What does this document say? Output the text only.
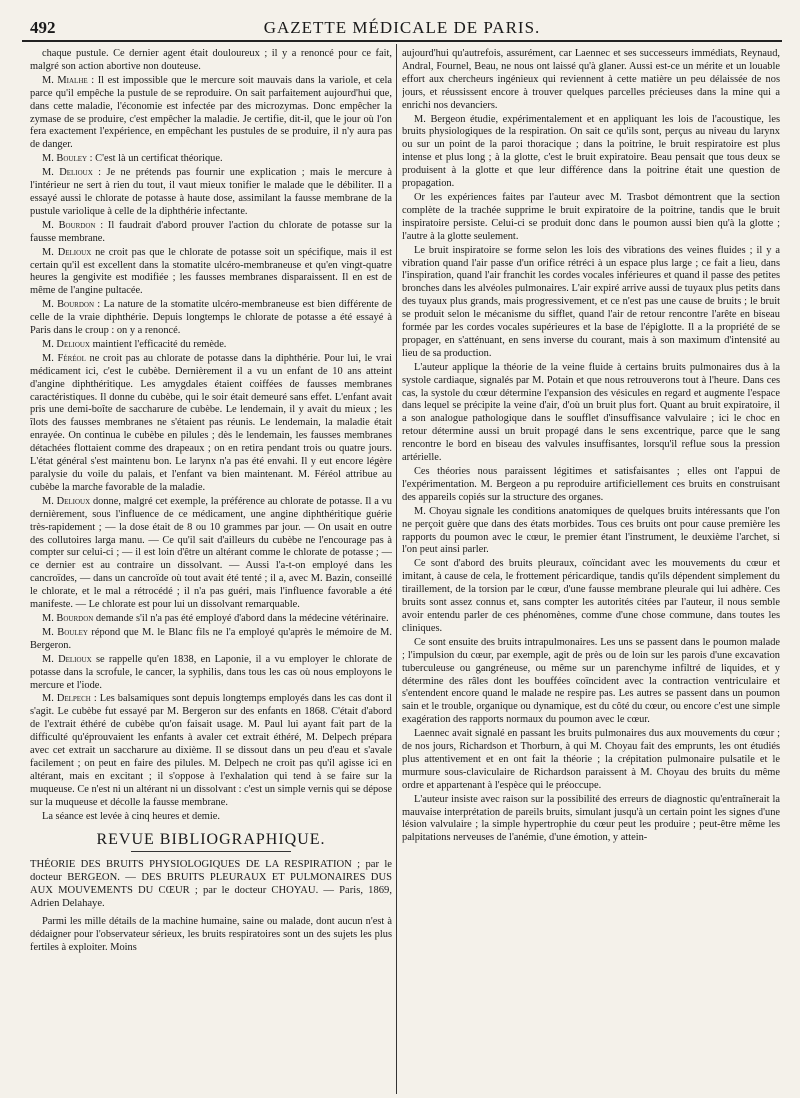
492	GAZETTE MÉDICALE DE PARIS.

chaque pustule. Ce dernier agent était douloureux ; il y a renoncé pour ce fait, malgré son action abortive non douteuse.

M. Mialhe : Il est impossible que le mercure soit mauvais dans la variole, et cela parce qu'il empêche la pustule de se reproduire. On sait parfaitement aujourd'hui que, dans cette maladie, l'économie est infectée par des microzymas. Donc empêcher la zymase de se produire, c'est empêcher la maladie. Je certifie, dit-il, que le jour où l'on fera exactement l'expérience, en empêchant les pustules de se produire, il n'y aura pas de danger.

M. Bouley : C'est là un certificat théorique.

M. Delioux : Je ne prétends pas fournir une explication ; mais le mercure à l'intérieur ne sert à rien du tout, il vaut mieux tonifier le malade que le débiliter. Il a essayé aussi le chlorate de potasse à haute dose, assimilant la fausse membrane de la pustule variolique à celle de la diphthérie infectante.

M. Bourdon : Il faudrait d'abord prouver l'action du chlorate de potasse sur la fausse membrane.

M. Delioux ne croit pas que le chlorate de potasse soit un spécifique, mais il est certain qu'il est excellent dans la stomatite ulcéro-membraneuse et qu'en vingt-quatre heures la gengivite est modifiée ; les fausses membranes disparaissent. Il en est de même de l'angine pultacée.

M. Bourdon : La nature de la stomatite ulcéro-membraneuse est bien différente de celle de la vraie diphthérie. Depuis longtemps le chlorate de potasse a été essayé à Paris dans le croup : on y a renoncé.

M. Delioux maintient l'efficacité du remède.

M. Féréol ne croit pas au chlorate de potasse dans la diphthérie. Pour lui, le vrai médicament ici, c'est le cubèbe. Dernièrement il a vu un enfant de 10 ans atteint d'angine diphthéritique. Les amygdales étaient coiffées de fausses membranes caractéristiques. Il donne du cubèbe, qui le soir était demeuré sans effet. L'enfant avait pris une demi-boîte de saccharure de cubèbe. Le lendemain, il y avait du mieux ; les îlots des fausses membranes ne s'étaient pas réunis. Le lendemain, la maladie était enrayée. On continua le cubèbe en pilules ; dès le lendemain, les fausses membranes détachées flottaient comme des drapeaux ; on en retira pendant trois ou quatre jours. L'état général s'est maintenu bon. Le larynx n'a pas été envahi. Il y eut encore légère paralysie du voile du palais, et l'enfant va bien maintenant. M. Féréol attribue au cubèbe la marche favorable de la maladie.

M. Delioux donne, malgré cet exemple, la préférence au chlorate de potasse. Il a vu dernièrement, sous l'influence de ce médicament, une angine diphthéritique guérie très-rapidement ; — la dose était de 8 ou 10 grammes par jour. — On usait en outre des collutoires larga manu. — Ce qu'il sait d'ailleurs du cubèbe ne l'encourage pas à compter sur celui-ci ; — il est loin d'être un altérant comme le chlorate de potasse ; — ce dernier est au contraire un dissolvant. — Aussi l'a-t-on employé dans les cancroïdes, — dans un cancroïde où tout avait été tenté ; il a, avec M. Bazin, conseillé le chlorate, et le mal a rétrocédé ; il n'a pas guéri, mais l'influence favorable a été manifeste. — Le chlorate est pour lui un dissolvant remarquable.

M. Bourdon demande s'il n'a pas été employé d'abord dans la médecine vétérinaire.

M. Bouley répond que M. le Blanc fils ne l'a employé qu'après le mémoire de M. Bergeron.

M. Delioux se rappelle qu'en 1838, en Laponie, il a vu employer le chlorate de potasse dans la scrofule, le cancer, la syphilis, dans tous les cas où nous employons le mercure et l'iode.

M. Delpech : Les balsamiques sont depuis longtemps employés dans les cas dont il s'agit. Le cubèbe fut essayé par M. Bergeron sur des enfants en 1868. C'était d'abord de l'extrait éthéré de cubèbe qu'on faisait usage. M. Paul lui ayant fait part de la difficulté qu'éprouvaient les enfants à avaler cet extrait éthéré, M. Delpech prépara avec cet extrait un saccharure au dixième. Il se dissout dans un peu d'eau et s'avale facilement ; on peut en faire des pilules. M. Delpech ne croit pas qu'il agisse ici en altérant, mais en excitant ; il s'oppose à l'exhalation qui tend à se faire sur la muqueuse. Ce n'est ni un altérant ni un dissolvant : c'est un simple vernis qui se dépose sur la muqueuse et décolle la fausse membrane.

La séance est levée à cinq heures et demie.

REVUE BIBLIOGRAPHIQUE.

THÉORIE DES BRUITS PHYSIOLOGIQUES DE LA RESPIRATION ; par le docteur BERGEON. — DES BRUITS PLEURAUX ET PULMONAIRES DUS AUX MOUVEMENTS DU CŒUR ; par le docteur CHOYAU. — Paris, 1869, Adrien Delahaye.

Parmi les mille détails de la machine humaine, saine ou malade, dont aucun n'est à dédaigner pour l'observateur sérieux, les bruits respiratoires sont un des sujets les plus fertiles à exploiter. Moins

aujourd'hui qu'autrefois, assurément, car Laennec et ses successeurs immédiats, Reynaud, Andral, Fournel, Beau, ne nous ont laissé qu'à glaner. Aussi est-ce un mérite et un louable effort aux chercheurs ingénieux qui reviennent à cette matière un peu délaissée de nos jours, et réussissent encore à trouver quelques parcelles précieuses dans la mine qui a enrichi nos devanciers.

M. Bergeon étudie, expérimentalement et en appliquant les lois de l'acoustique, les bruits physiologiques de la respiration. On sait ce qu'ils sont, perçus au niveau du larynx ou sur un point de la paroi thoracique ; dans la poitrine, le bruit respiratoire est plus intense et plus long ; à la glotte, c'est le bruit expiratoire. Beau pensait que tous deux se produisent à la glotte et que leur différence dans la poitrine était une question de propagation.

Or les expériences faites par l'auteur avec M. Trasbot démontrent que la section complète de la trachée supprime le bruit expiratoire de la poitrine, tandis que le bruit inspiratoire persiste. Celui-ci se produit donc dans le poumon aussi bien qu'à la glotte ; l'autre à la glotte seulement.

Le bruit inspiratoire se forme selon les lois des vibrations des veines fluides ; il y a vibration quand l'air passe d'un orifice rétréci à un espace plus large ; ce fait a lieu, dans l'inspiration, quand l'air franchit les cordes vocales inférieures et quand il passe des petites bronches dans les alvéoles pulmonaires. L'air expiré arrive aussi de tuyaux plus petits dans des tuyaux plus grands, mais progressivement, et ce n'est pas une cause de bruits ; le bruit se produit selon le mécanisme du sifflet, quand l'air de retour rencontre l'arête en biseau formée par les cordes vocales supérieures et la base de l'épiglotte. Il a la propriété de se propager, en s'atténuant, en sens inverse du courant, mais à son maximum d'intensité au lieu de sa production.

L'auteur applique la théorie de la veine fluide à certains bruits pulmonaires dus à la systole cardiaque, signalés par M. Potain et que nous retrouverons tout à l'heure. Dans ces cas, la systole du cœur détermine l'expansion des vésicules en regard et augmente l'espace dans lequel se précipite la veine d'air, d'où un bruit plus fort. Quant au bruit expiratoire, il a son analogue pathologique dans le soufflet d'insuffisance valvulaire ; ici le choc en retour détermine aussi un bruit propagé dans le sens excentrique, parce que le sang rencontre le bord en biseau des valvules insuffisantes, lorsqu'il reflue sous la pression artérielle.

Ces théories nous paraissent légitimes et satisfaisantes ; elles ont l'appui de l'expérimentation. M. Bergeon a pu reproduire artificiellement ces bruits en construisant des appareils copiés sur la structure des organes.

M. Choyau signale les conditions anatomiques de quelques bruits intéressants que l'on ne perçoit guère que dans des états morbides. Tous ces bruits ont pour cause première les rapports du poumon avec le cœur, le premier étant l'instrument, le deuxième l'archet, si l'on peut ainsi parler.

Ce sont d'abord des bruits pleuraux, coïncidant avec les mouvements du cœur et imitant, à cause de cela, le frottement péricardique, tandis qu'ils dépendent simplement du tiraillement, de la torsion par le cœur, d'une fausse membrane pleurale qui lui adhère. Ces bruits sont assez connus et, sans compter les autorités citées par l'auteur, il nous semble avoir entendu parler de ces phénomènes, comme d'une chose commune, dans toutes les cliniques.

Ce sont ensuite des bruits intrapulmonaires. Les uns se passent dans le poumon malade ; l'impulsion du cœur, par exemple, agit de près ou de loin sur les parois d'une excavation tuberculeuse ou gangréneuse, ou même sur un parenchyme infiltré de liquides, et y détermine des râles dont les bouffées coïncident avec la contraction ventriculaire et s'entendent encore quand le malade ne respire pas. Les autres se passent dans un poumon sain et le trouble, organique ou dynamique, est du côté du cœur, ou encore c'est une simple exagération des rapports normaux du poumon avec le cœur.

Laennec avait signalé en passant les bruits pulmonaires dus aux mouvements du cœur ; de nos jours, Richardson et Thorburn, à qui M. Choyau fait des emprunts, les ont étudiés plus attentivement et en ont fait la théorie ; la crépitation pulmonaire pulsatile et le murmure sous-claviculaire de Richardson paraissent à M. Choyau des bruits du même ordre et appartenant à l'espèce qui le préoccupe.

L'auteur insiste avec raison sur la possibilité des erreurs de diagnostic qu'entraînerait la mauvaise interprétation de pareils bruits, simulant jusqu'à un certain point les signes d'une lésion valvulaire ; la simple hypertrophie du cœur peut les produire ; peut-être même les palpitations nerveuses de l'anémie, d'une émotion, y attein-
